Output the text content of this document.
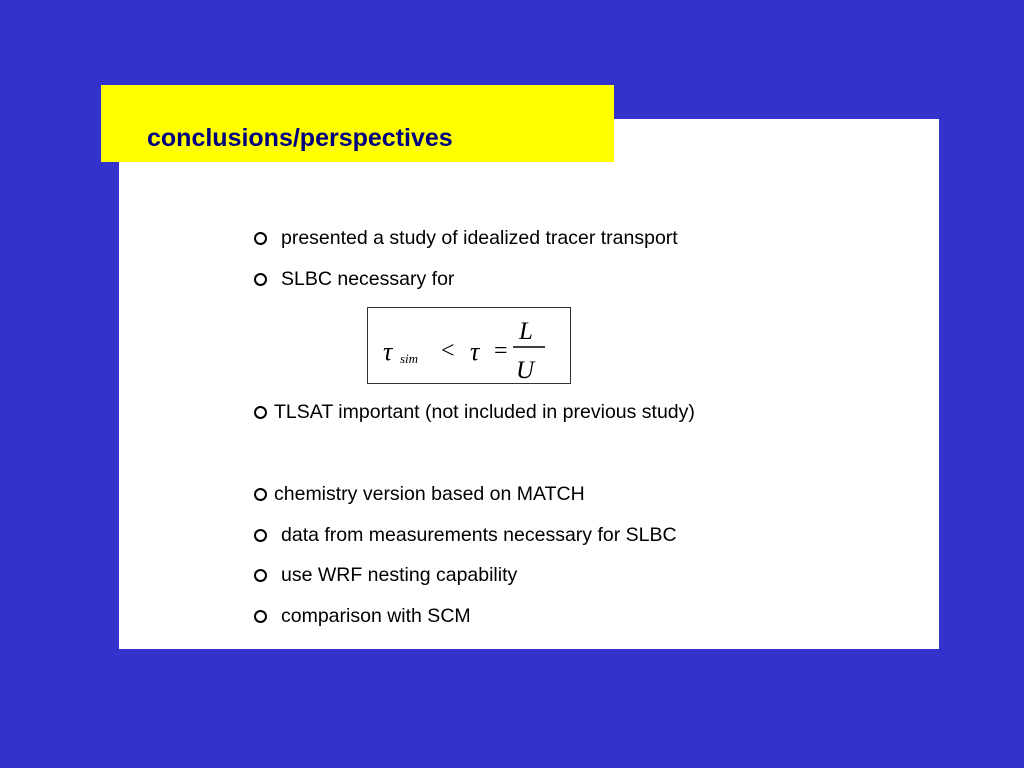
conclusions/perspectives
presented a study of idealized tracer transport
SLBC necessary for
τ sim < τ =
L
U
TLSAT important (not included in previous study)
chemistry version based on MATCH
data from measurements necessary for SLBC
use WRF nesting capability
comparison with SCM
